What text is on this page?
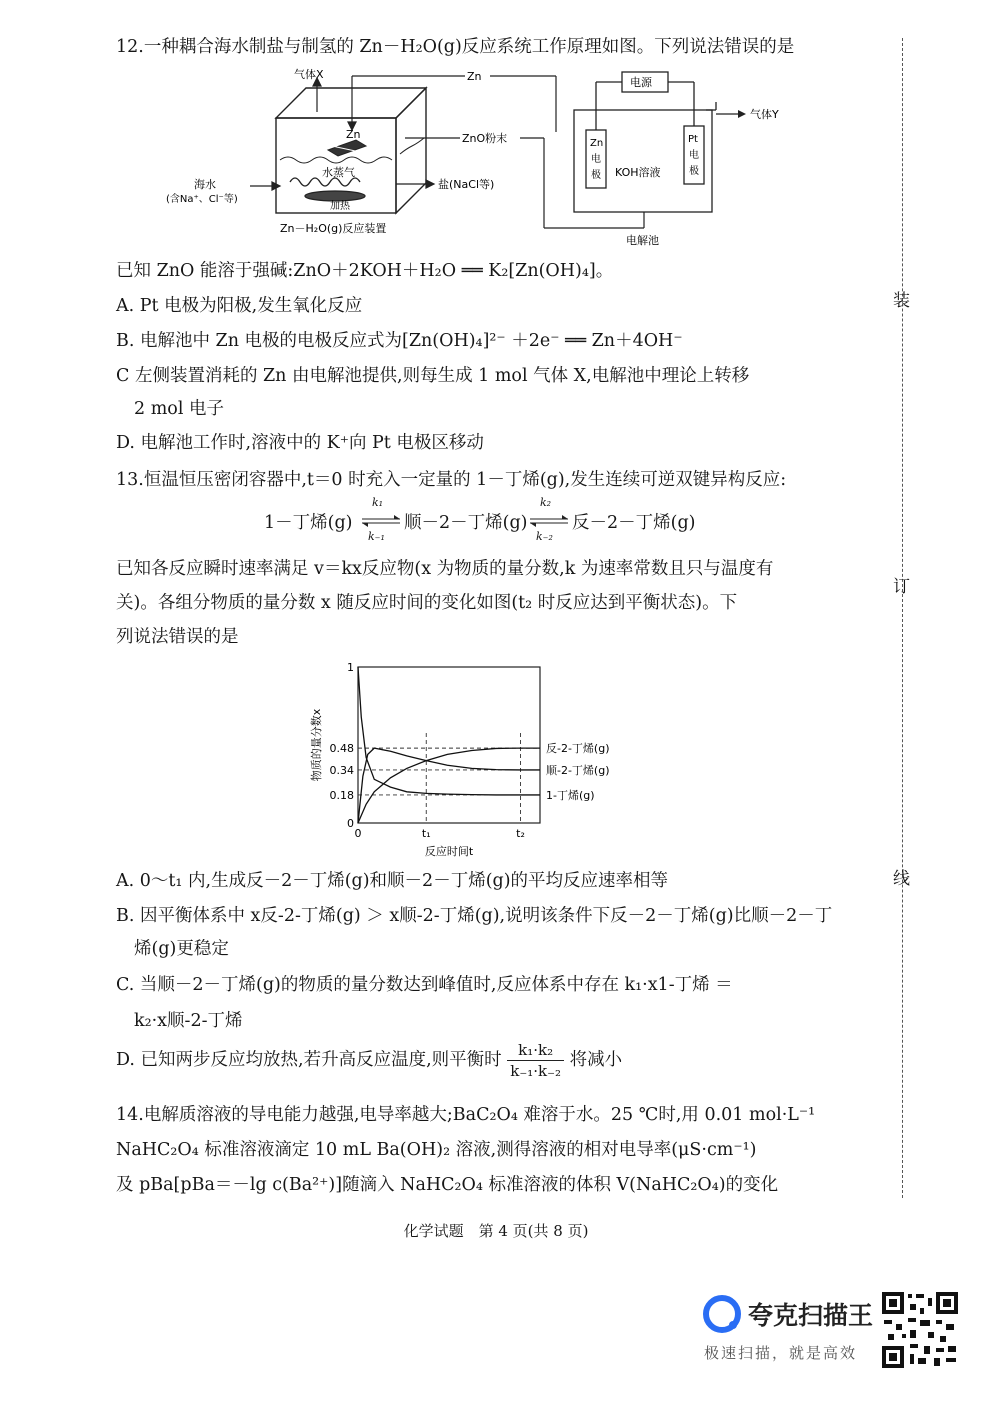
装
订
线
12.一种耦合海水制盐与制氢的 Zn－H₂O(g)反应系统工作原理如图。下列说法错误的是
气体X	Zn
Zn	ZnO粉末
海水
(含Na⁺、Cl⁻等)
水蒸气
加热
盐(NaCl等)
Zn－H₂O(g)反应装置
电源
气体Y
Zn
电
极 KOH溶液
Pt
电
极
电解池
已知 ZnO 能溶于强碱:ZnO＋2KOH＋H₂O ══ K₂[Zn(OH)₄]。
A. Pt 电极为阳极,发生氧化反应
B. 电解池中 Zn 电极的电极反应式为[Zn(OH)₄]²⁻ ＋2e⁻ ══ Zn＋4OH⁻
C 左侧装置消耗的 Zn 由电解池提供,则每生成 1 mol 气体 X,电解池中理论上转移
2 mol 电子
D. 电解池工作时,溶液中的 K⁺向 Pt 电极区移动
13.恒温恒压密闭容器中,t＝0 时充入一定量的 1－丁烯(g),发生连续可逆双键异构反应:
1－丁烯(g) ⇌
k₁
k₋₁
顺－2－丁烯(g) ⇌
k₂
k₋₂
反－2－丁烯(g)
已知各反应瞬时速率满足 v＝kx反应物(x 为物质的量分数,k 为速率常数且只与温度有
关)。各组分物质的量分数 x 随反应时间的变化如图(t₂ 时反应达到平衡状态)。下
列说法错误的是
0
0.18
0.34
0.48
1
0	t₁	t₂
反应时间t
物质的量分数x	反-2-丁烯(g)
顺-2-丁烯(g)
1-丁烯(g)
A. 0～t₁ 内,生成反－2－丁烯(g)和顺－2－丁烯(g)的平均反应速率相等
B. 因平衡体系中 x反-2-丁烯(g) ＞ x顺-2-丁烯(g),说明该条件下反－2－丁烯(g)比顺－2－丁
烯(g)更稳定
C. 当顺－2－丁烯(g)的物质的量分数达到峰值时,反应体系中存在 k₁·x1-丁烯 ＝
k₂·x顺-2-丁烯
D. 已知两步反应均放热,若升高反应温度,则平衡时 $\frac{\text{k₁·k₂}}{\text{k₋₁·k₋₂}}$ 将减小
14.电解质溶液的导电能力越强,电导率越大;BaC₂O₄ 难溶于水。25 ℃时,用 0.01 mol·L⁻¹
NaHC₂O₄ 标准溶液滴定 10 mL Ba(OH)₂ 溶液,测得溶液的相对电导率(μS·cm⁻¹)
及 pBa[pBa＝－lg c(Ba²⁺)]随滴入 NaHC₂O₄ 标准溶液的体积 V(NaHC₂O₄)的变化
化学试题　第 4 页(共 8 页)
夸克扫描王
极速扫描，就是高效
